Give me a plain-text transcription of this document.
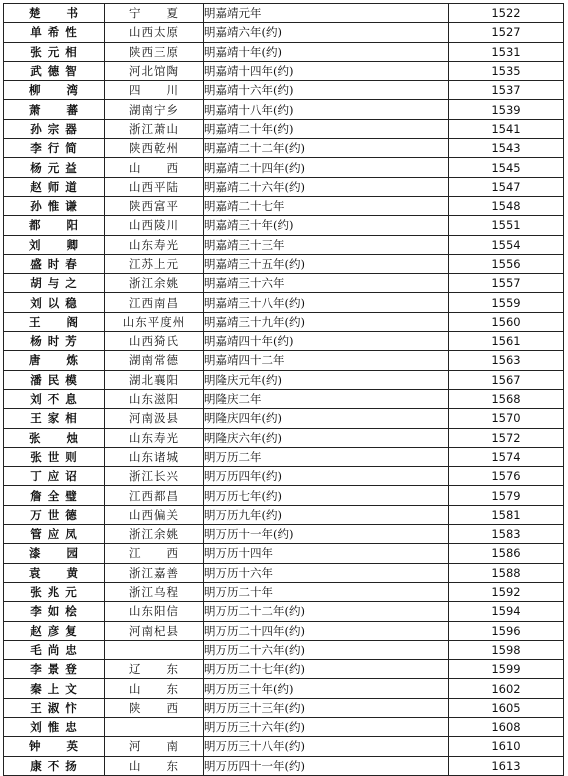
楚　　书	宁　　夏	明嘉靖元年	1522
单 希 性	山西太原	明嘉靖六年(约)	1527
张 元 相	陕西三原	明嘉靖十年(约)	1531
武 德 智	河北馆陶	明嘉靖十四年(约)	1535
柳　　湾	四　　川	明嘉靖十六年(约)	1537
萧　　蕃	湖南宁乡	明嘉靖十八年(约)	1539
孙 宗 器	浙江萧山	明嘉靖二十年(约)	1541
李 行 简	陕西乾州	明嘉靖二十二年(约)	1543
杨 元 益	山　　西	明嘉靖二十四年(约)	1545
赵 师 道	山西平陆	明嘉靖二十六年(约)	1547
孙 惟 谦	陕西富平	明嘉靖二十七年	1548
都　　阳	山西陵川	明嘉靖三十年(约)	1551
刘　　卿	山东寿光	明嘉靖三十三年	1554
盛 时 春	江苏上元	明嘉靖三十五年(约)	1556
胡 与 之	浙江余姚	明嘉靖三十六年	1557
刘 以 稳	江西南昌	明嘉靖三十八年(约)	1559
王　　阁	山东平度州	明嘉靖三十九年(约)	1560
杨 时 芳	山西猗氏	明嘉靖四十年(约)	1561
唐　　炼	湖南常德	明嘉靖四十二年	1563
潘 民 模	湖北襄阳	明隆庆元年(约)	1567
刘 不 息	山东滋阳	明隆庆二年	1568
王 家 相	河南汲县	明隆庆四年(约)	1570
张　　烛	山东寿光	明隆庆六年(约)	1572
张 世 则	山东诸城	明万历二年	1574
丁 应 诏	浙江长兴	明万历四年(约)	1576
詹 全 璧	江西都昌	明万历七年(约)	1579
万 世 德	山西偏关	明万历九年(约)	1581
管 应 凤	浙江余姚	明万历十一年(约)	1583
漆　　园	江　　西	明万历十四年	1586
袁　　黄	浙江嘉善	明万历十六年	1588
张 兆 元	浙江乌程	明万历二十年	1592
李 如 桧	山东阳信	明万历二十二年(约)	1594
赵 彦 复	河南杞县	明万历二十四年(约)	1596
毛 尚 忠		明万历二十六年(约)	1598
李 景 登	辽　　东	明万历二十七年(约)	1599
秦 上 文	山　　东	明万历三十年(约)	1602
王 淑 忭	陕　　西	明万历三十三年(约)	1605
刘 惟 忠		明万历三十六年(约)	1608
钟　　英	河　　南	明万历三十八年(约)	1610
康 不 扬	山　　东	明万历四十一年(约)	1613
